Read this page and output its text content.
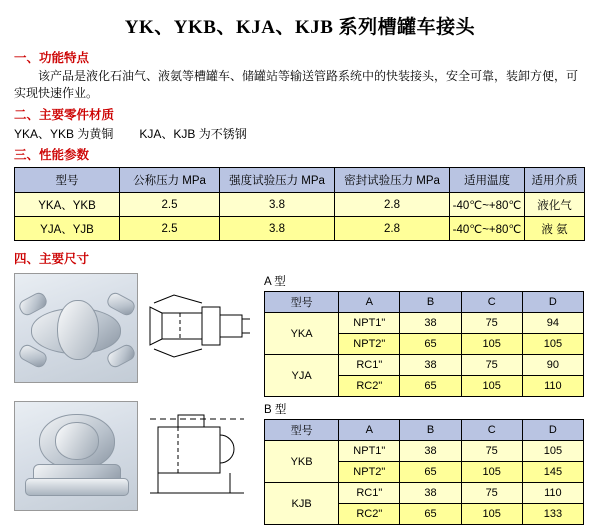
YK、YKB、KJA、KJB 系列槽罐车接头
一、功能特点
该产品是液化石油气、液氨等槽罐车、储罐站等输送管路系统中的快装接头，安全可靠，装卸方便，可实现快速作业。
二、主要零件材质
YKA、YKB 为黄铜 KJA、KJB 为不锈钢
三、性能参数
型号	公称压力 MPa	强度试验压力 MPa	密封试验压力 MPa	适用温度	适用介质
YKA、YKB	2.5	3.8	2.8	-40℃~+80℃	液化气
YJA、YJB	2.5	3.8	2.8	-40℃~+80℃	液 氨
四、主要尺寸
A 型
型号	A	B	C	D
YKA	NPT1"	38	75	94
	NPT2"	65	105	105
YJA	RC1"	38	75	90
	RC2"	65	105	110
B 型
型号	A	B	C	D
YKB	NPT1"	38	75	105
	NPT2"	65	105	145
KJB	RC1"	38	75	110
	RC2"	65	105	133
